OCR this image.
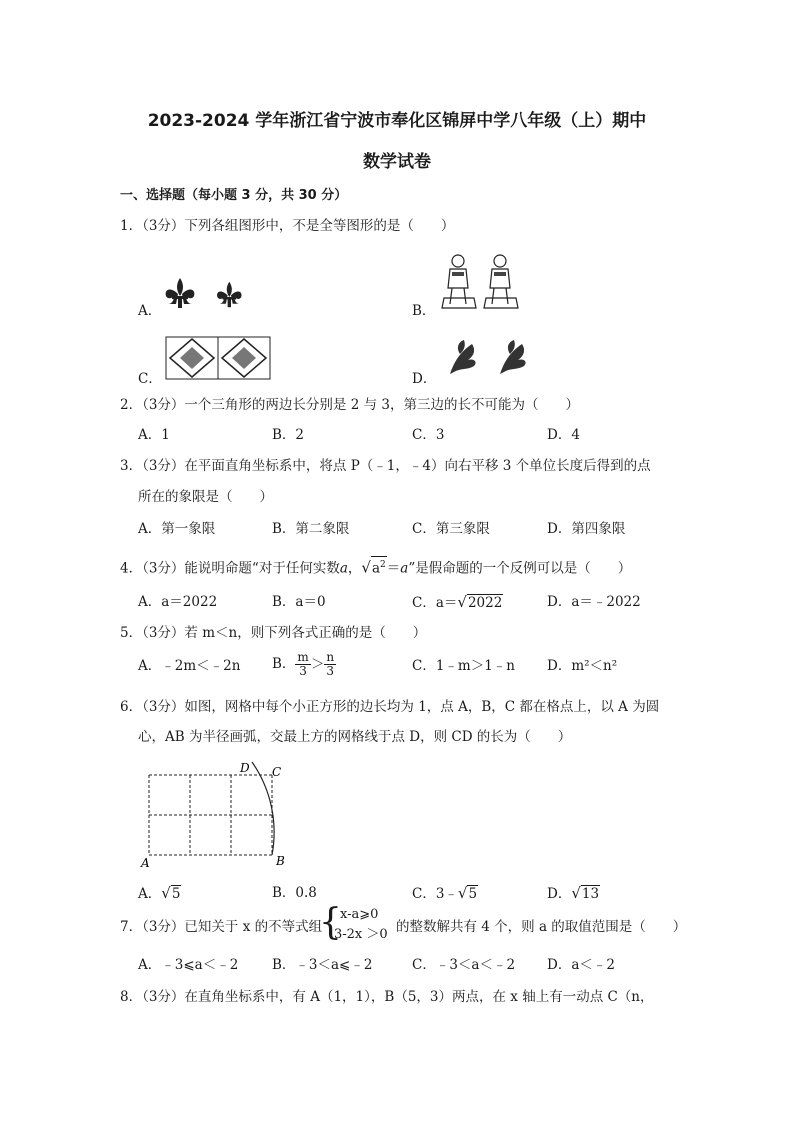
2023-2024 学年浙江省宁波市奉化区锦屏中学八年级（上）期中
数学试卷
一、选择题（每小题 3 分，共 30 分）
1．（3分）下列各组图形中，不是全等图形的是（　　）
A．	B．
C．	D．
2．（3分）一个三角形的两边长分别是 2 与 3，第三边的长不可能为（　　）
A．1	B．2	C．3	D．4
3．（3分）在平面直角坐标系中，将点 P（﹣1，﹣4）向右平移 3 个单位长度后得到的点
所在的象限是（　　）
A．第一象限	B．第二象限	C．第三象限	D．第四象限
4．（3分）能说明命题“对于任何实数a，$√a^2=a$”是假命题的一个反例可以是（　　）
A．a＝2022	B．a＝0	C．a＝√2022	D．a＝﹣2022
5．（3分）若 m＜n，则下列各式正确的是（　　）
A．﹣2m＜﹣2n B． $\frac{m}{3} > \frac{n}{3}$	C．1﹣m＞1﹣n D．m²＜n²
6．（3分）如图，网格中每个小正方形的边长均为 1，点 A，B，C 都在格点上，以 A 为圆
心，AB 为半径画弧，交最上方的网格线于点 D，则 CD 的长为（　　）
A	B
C
D
A．√5	B．0.8	C．3﹣√5	D．√13
7．（3分）已知关于 x 的不等式组
{
x-a⩾0
3-2x ＞0 的整数解共有 4 个，则 a 的取值范围是（　　）
A．﹣3⩽a＜﹣2 B．﹣3＜a⩽﹣2	C．﹣3＜a＜﹣2 D．a＜﹣2
8．（3分）在直角坐标系中，有 A（1，1），B（5，3）两点，在 x 轴上有一动点 C（n，
